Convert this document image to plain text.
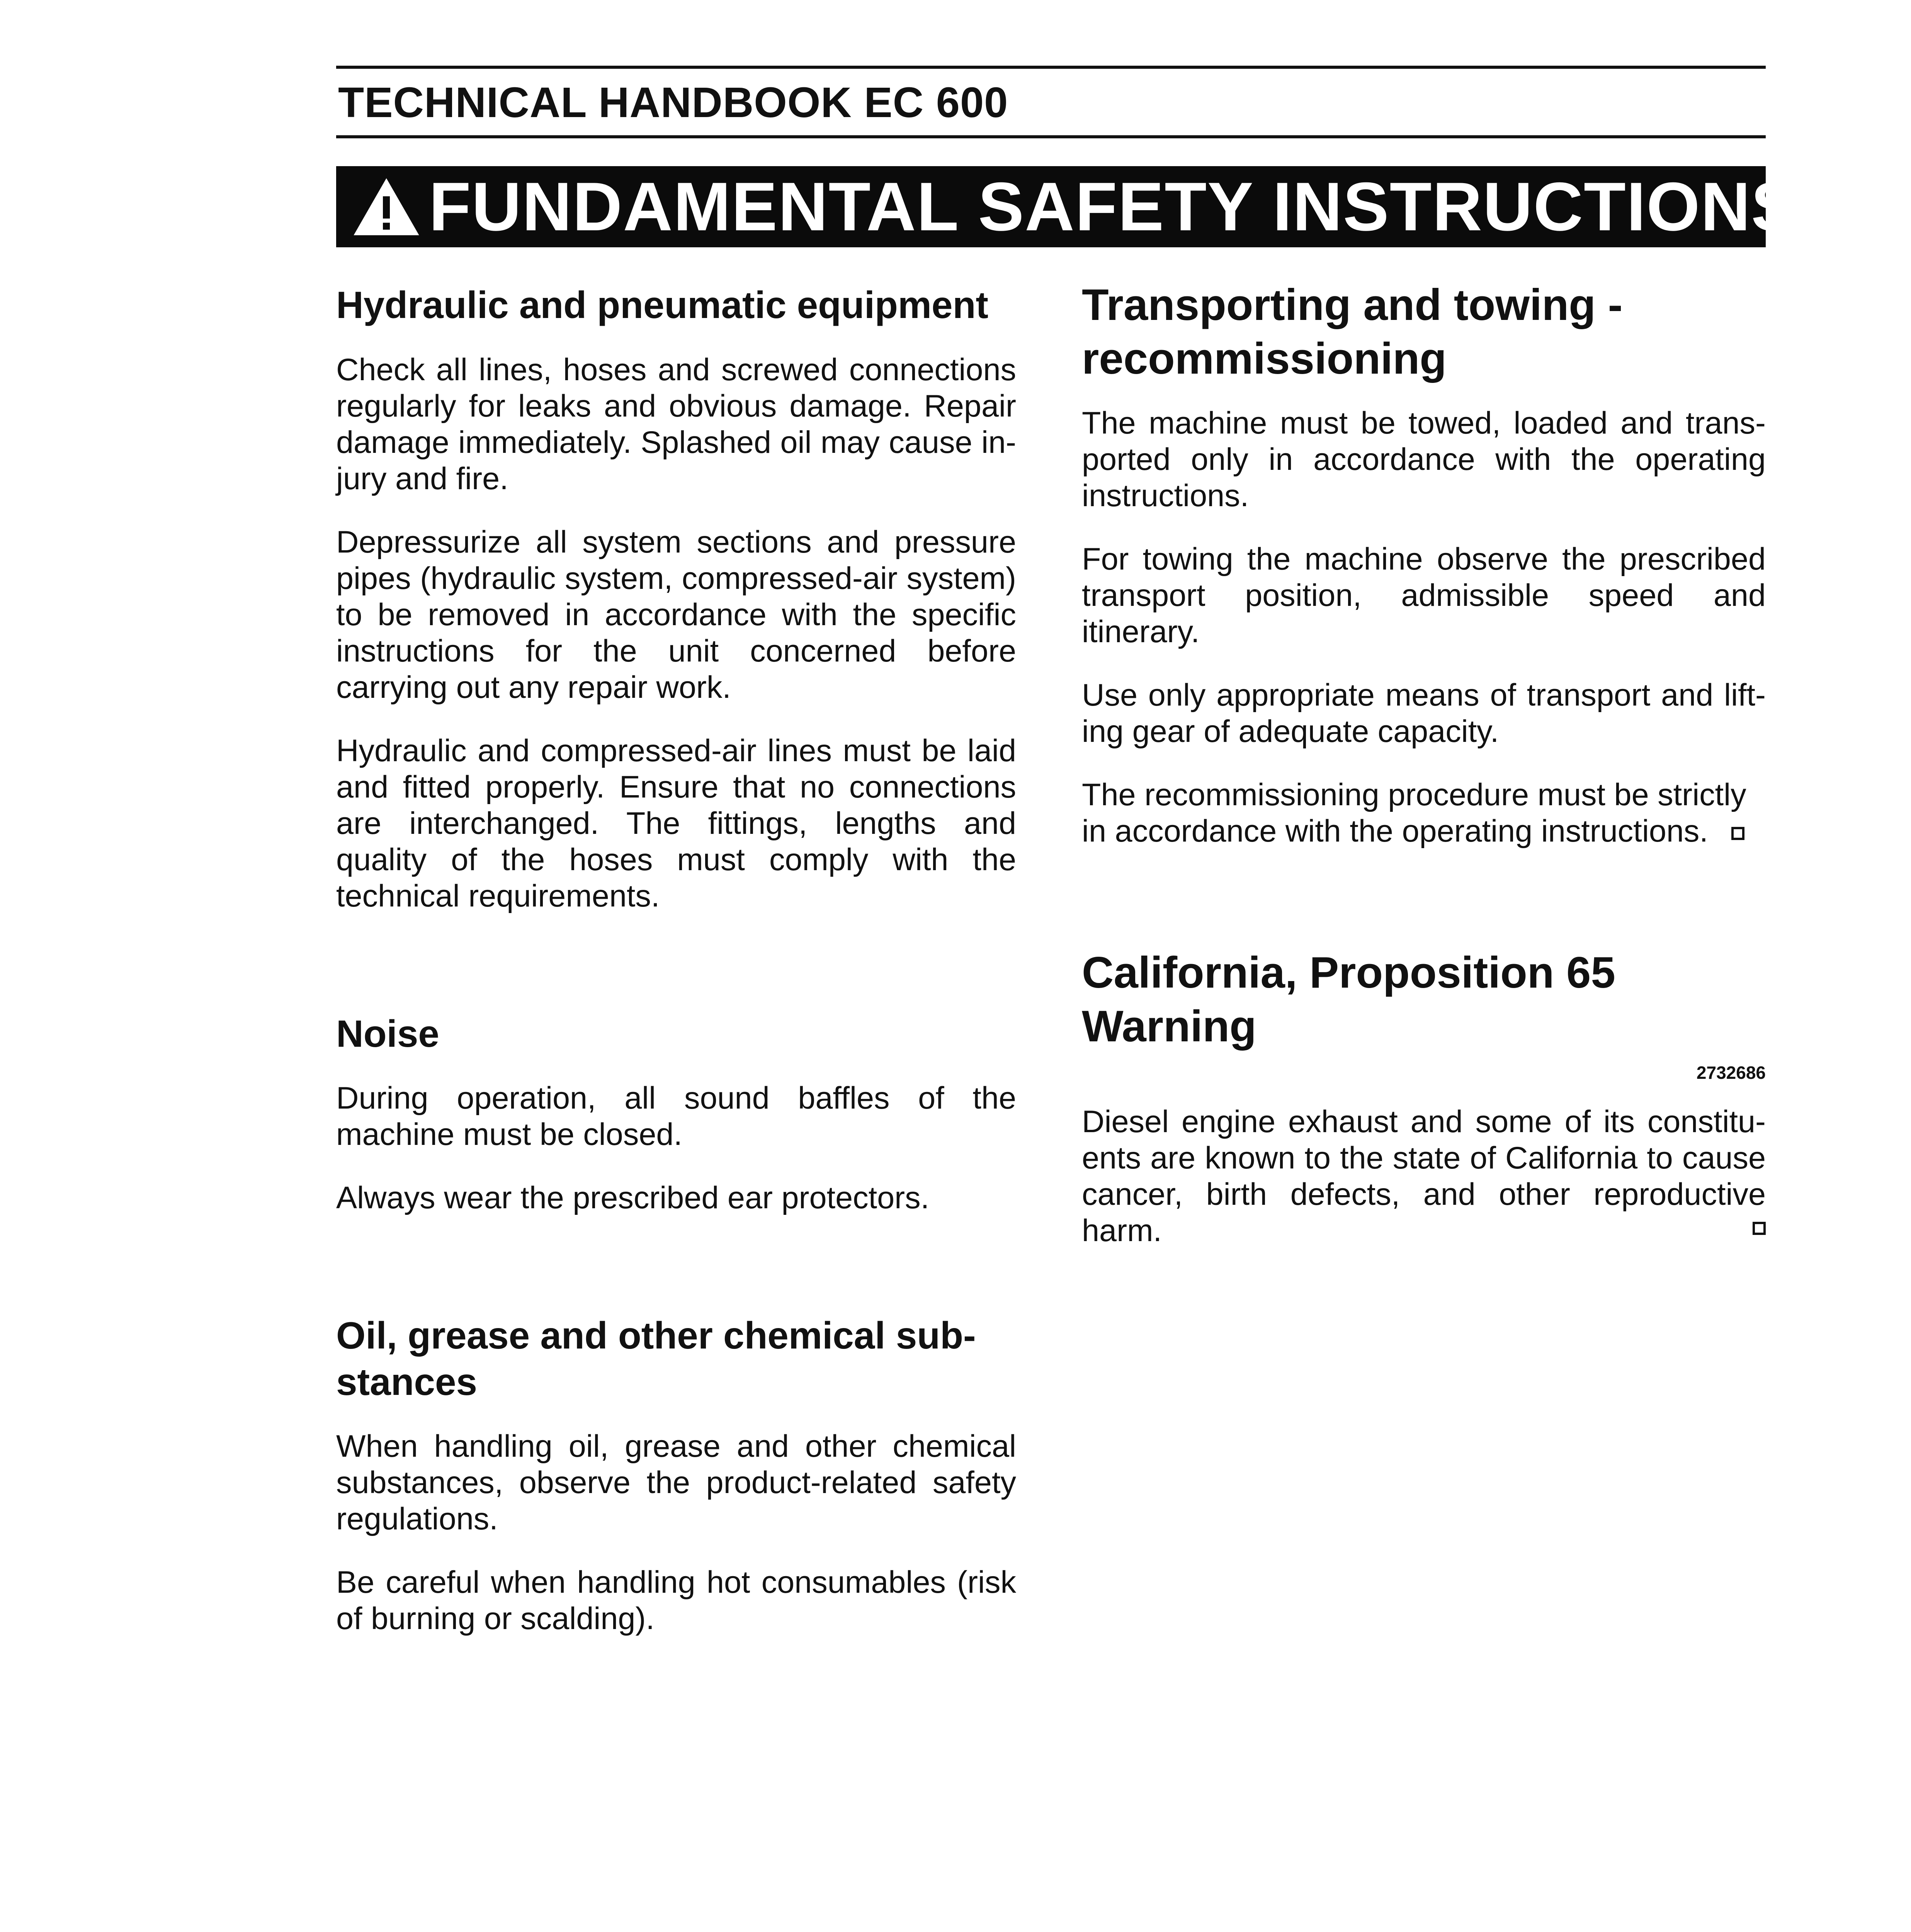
TECHNICAL HANDBOOK EC 600
FUNDAMENTAL SAFETY INSTRUCTIONS
Hydraulic and pneumatic equipment

Check all lines, hoses and screwed connections regularly for leaks and obvious damage. Repair damage immediately. Splashed oil may cause injury and fire.

Depressurize all system sections and pressure pipes (hydraulic system, compressed-air system) to be removed in accordance with the specific instructions for the unit concerned before carrying out any repair work.

Hydraulic and compressed-air lines must be laid and fitted properly. Ensure that no connections are interchanged. The fittings, lengths and quality of the hoses must comply with the technical requirements.

Noise

During operation, all sound baffles of the machine must be closed.

Always wear the prescribed ear protectors.

Oil, grease and other chemical substances

When handling oil, grease and other chemical substances, observe the product-related safety regulations.

Be careful when handling hot consumables (risk of burning or scalding).

Transporting and towing - recommissioning

The machine must be towed, loaded and transported only in accordance with the operating instructions.

For towing the machine observe the prescribed transport position, admissible speed and itinerary.

Use only appropriate means of transport and lifting gear of adequate capacity.

The recommissioning procedure must be strictly in accordance with the operating instructions.

California, Proposition 65 Warning

2732686

Diesel engine exhaust and some of its constituents are known to the state of California to cause cancer, birth defects, and other reproductive harm.
